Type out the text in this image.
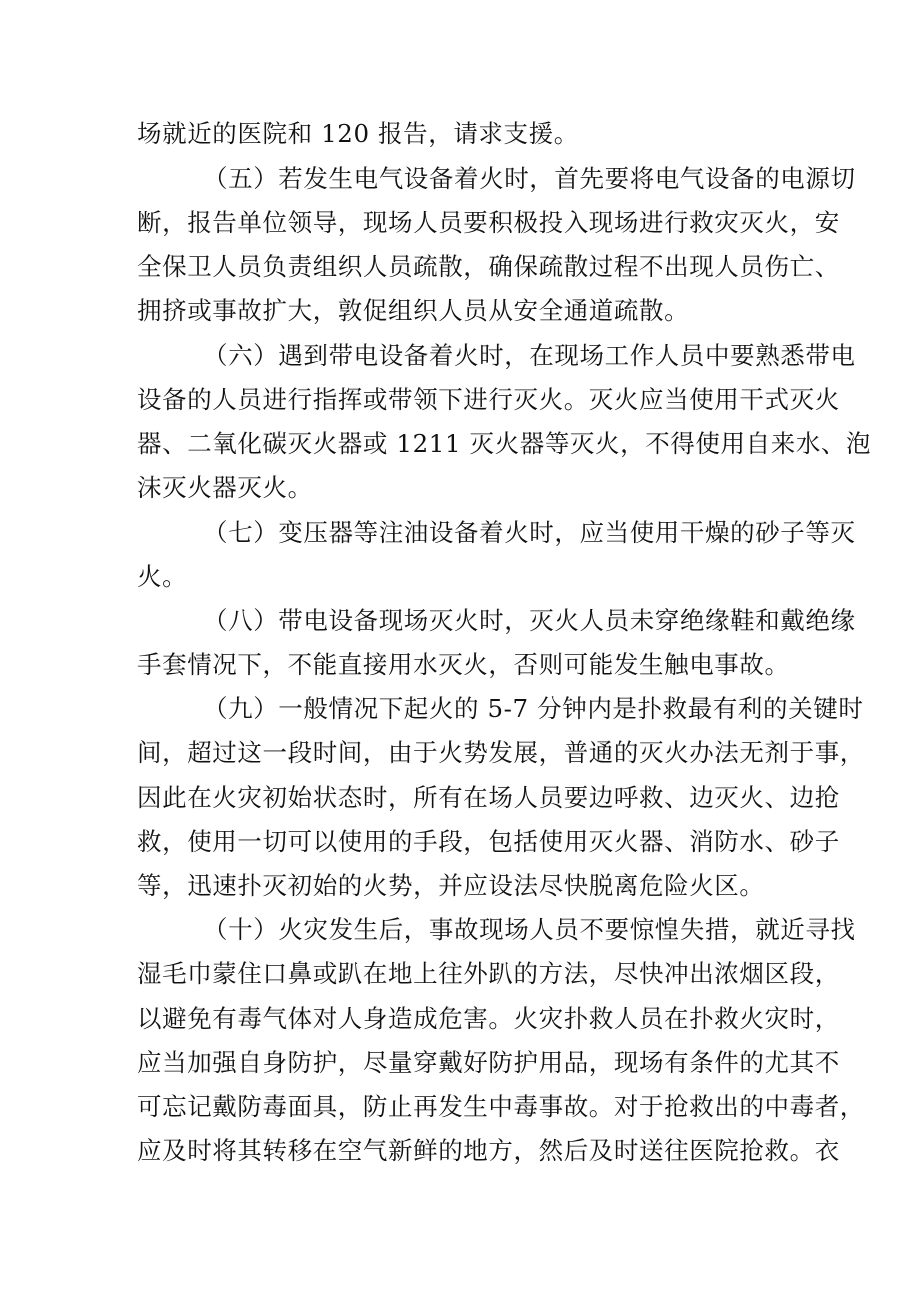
场就近的医院和 120 报告，请求支援。
（五）若发生电气设备着火时，首先要将电气设备的电源切
断，报告单位领导，现场人员要积极投入现场进行救灾灭火，安
全保卫人员负责组织人员疏散，确保疏散过程不出现人员伤亡、
拥挤或事故扩大，敦促组织人员从安全通道疏散。
（六）遇到带电设备着火时，在现场工作人员中要熟悉带电
设备的人员进行指挥或带领下进行灭火。灭火应当使用干式灭火
器、二氧化碳灭火器或 1211 灭火器等灭火，不得使用自来水、泡
沫灭火器灭火。
（七）变压器等注油设备着火时，应当使用干燥的砂子等灭
火。
（八）带电设备现场灭火时，灭火人员未穿绝缘鞋和戴绝缘
手套情况下，不能直接用水灭火，否则可能发生触电事故。
（九）一般情况下起火的 5-7 分钟内是扑救最有利的关键时
间，超过这一段时间，由于火势发展，普通的灭火办法无剂于事，
因此在火灾初始状态时，所有在场人员要边呼救、边灭火、边抢
救，使用一切可以使用的手段，包括使用灭火器、消防水、砂子
等，迅速扑灭初始的火势，并应设法尽快脱离危险火区。
（十）火灾发生后，事故现场人员不要惊惶失措，就近寻找
湿毛巾蒙住口鼻或趴在地上往外趴的方法，尽快冲出浓烟区段，
以避免有毒气体对人身造成危害。火灾扑救人员在扑救火灾时，
应当加强自身防护，尽量穿戴好防护用品，现场有条件的尤其不
可忘记戴防毒面具，防止再发生中毒事故。对于抢救出的中毒者，
应及时将其转移在空气新鲜的地方，然后及时送往医院抢救。衣
